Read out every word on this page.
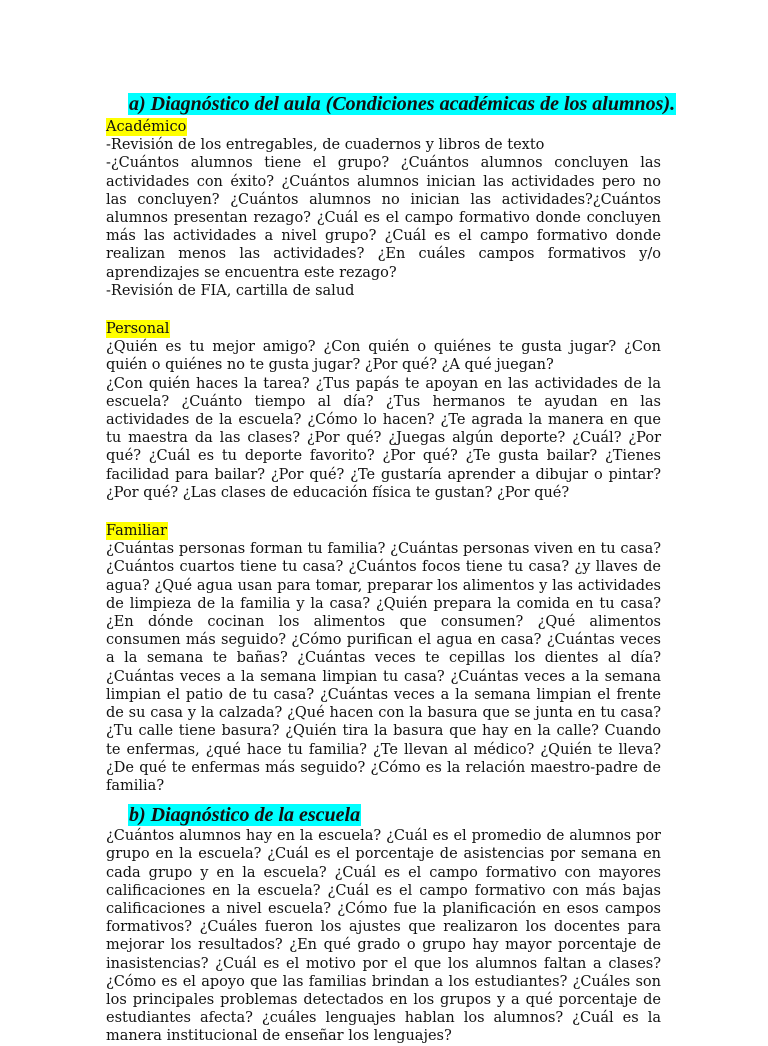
a) Diagnóstico del aula (Condiciones académicas de los alumnos).
Académico

-Revisión de los entregables, de cuadernos y libros de texto

-¿Cuántos alumnos tiene el grupo? ¿Cuántos alumnos concluyen las actividades con éxito? ¿Cuántos alumnos inician las actividades pero no las concluyen? ¿Cuántos alumnos no inician las actividades?¿Cuántos alumnos presentan rezago? ¿Cuál es el campo formativo donde concluyen más las actividades a nivel grupo? ¿Cuál es el campo formativo donde realizan menos las actividades? ¿En cuáles campos formativos y/o aprendizajes se encuentra este rezago?

-Revisión de FIA, cartilla de salud

Personal

¿Quién es tu mejor amigo? ¿Con quién o quiénes te gusta jugar? ¿Con quién o quiénes no te gusta jugar? ¿Por qué? ¿A qué juegan?

¿Con quién haces la tarea? ¿Tus papás te apoyan en las actividades de la escuela? ¿Cuánto tiempo al día? ¿Tus hermanos te ayudan en las actividades de la escuela? ¿Cómo lo hacen? ¿Te agrada la manera en que tu maestra da las clases? ¿Por qué? ¿Juegas algún deporte? ¿Cuál? ¿Por qué? ¿Cuál es tu deporte favorito? ¿Por qué? ¿Te gusta bailar? ¿Tienes facilidad para bailar? ¿Por qué? ¿Te gustaría aprender a dibujar o pintar? ¿Por qué? ¿Las clases de educación física te gustan? ¿Por qué?

Familiar

¿Cuántas personas forman tu familia? ¿Cuántas personas viven en tu casa? ¿Cuántos cuartos tiene tu casa? ¿Cuántos focos tiene tu casa? ¿y llaves de agua? ¿Qué agua usan para tomar, preparar los alimentos y las actividades de limpieza de la familia y la casa? ¿Quién prepara la comida en tu casa? ¿En dónde cocinan los alimentos que consumen? ¿Qué alimentos consumen más seguido? ¿Cómo purifican el agua en casa? ¿Cuántas veces a la semana te bañas? ¿Cuántas veces te cepillas los dientes al día? ¿Cuántas veces a la semana limpian tu casa? ¿Cuántas veces a la semana limpian el patio de tu casa? ¿Cuántas veces a la semana limpian el frente de su casa y la calzada? ¿Qué hacen con la basura que se junta en tu casa? ¿Tu calle tiene basura? ¿Quién tira la basura que hay en la calle? Cuando te enfermas, ¿qué hace tu familia? ¿Te llevan al médico? ¿Quién te lleva? ¿De qué te enfermas más seguido? ¿Cómo es la relación maestro-padre de familia?

b) Diagnóstico de la escuela

¿Cuántos alumnos hay en la escuela? ¿Cuál es el promedio de alumnos por grupo en la escuela? ¿Cuál es el porcentaje de asistencias por semana en cada grupo y en la escuela? ¿Cuál es el campo formativo con mayores calificaciones en la escuela? ¿Cuál es el campo formativo con más bajas calificaciones a nivel escuela? ¿Cómo fue la planificación en esos campos formativos? ¿Cuáles fueron los ajustes que realizaron los docentes para mejorar los resultados? ¿En qué grado o grupo hay mayor porcentaje de inasistencias? ¿Cuál es el motivo por el que los alumnos faltan a clases? ¿Cómo es el apoyo que las familias brindan a los estudiantes? ¿Cuáles son los principales problemas detectados en los grupos y a qué porcentaje de estudiantes afecta? ¿cuáles lenguajes hablan los alumnos? ¿Cuál es la manera institucional de enseñar los lenguajes?
